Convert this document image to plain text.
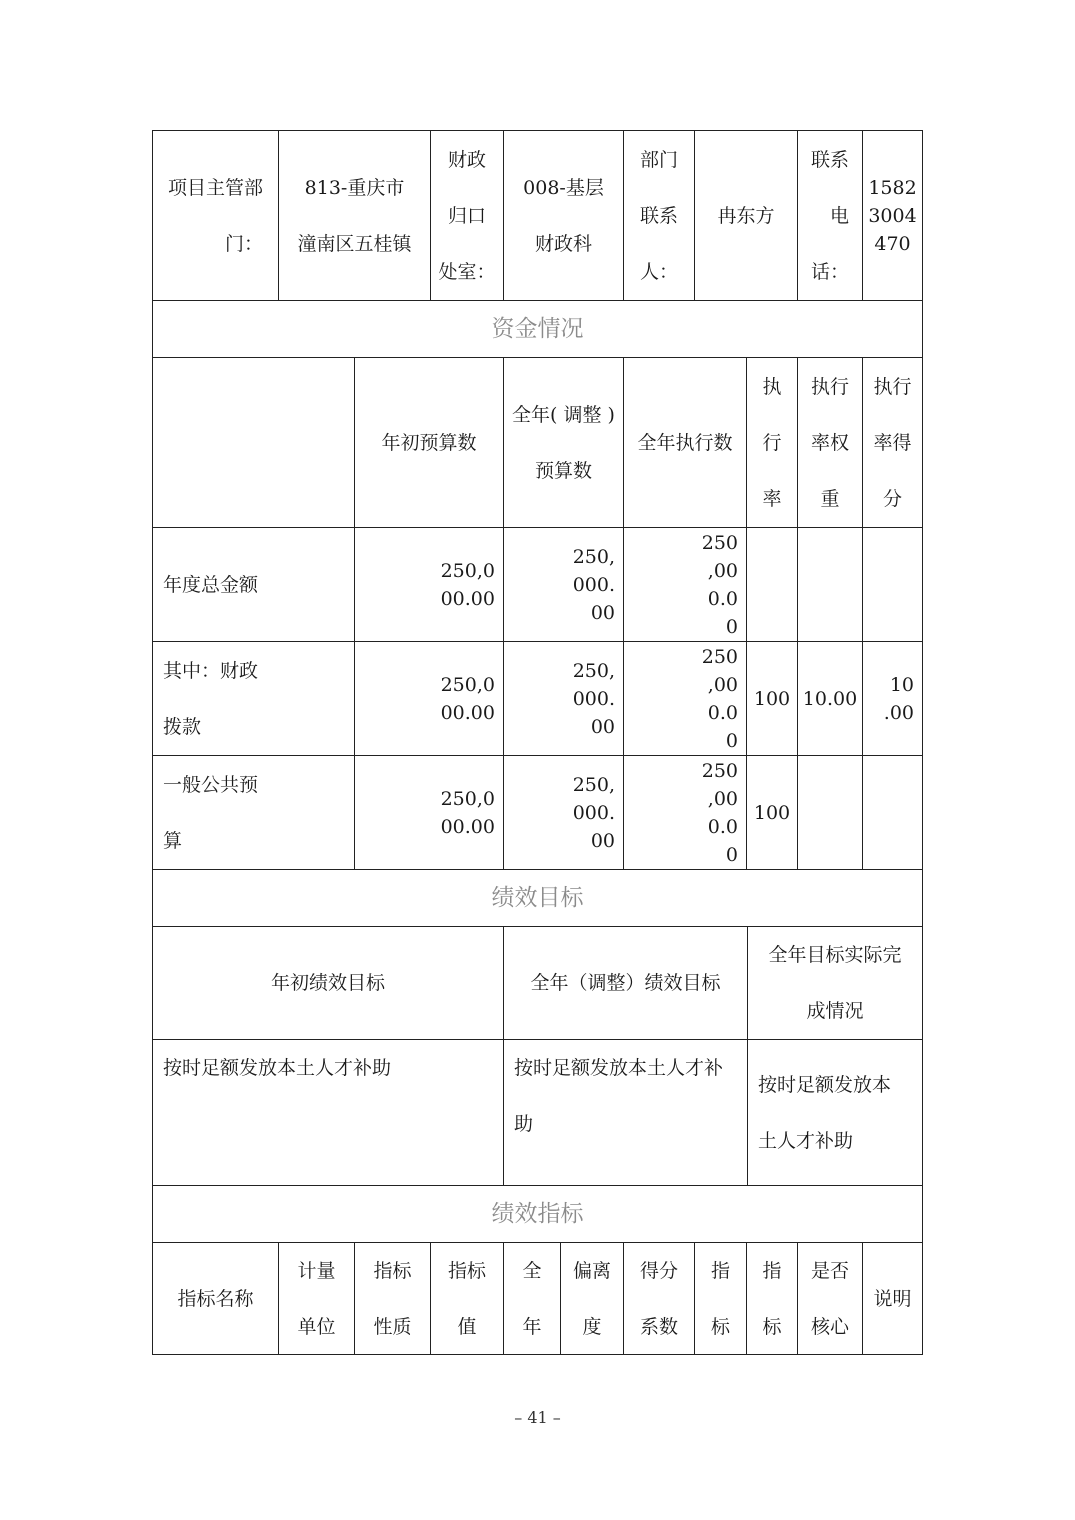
项目主管部
门：
813-重庆市
潼南区五桂镇
财政
归口
处室：
008-基层
财政科
部门
联系
人：
冉东方
联系
电
话：
1582
3004
470
资金情况
年初预算数
全年( 调整 )
预算数
全年执行数
执
行
率
执行
率权
重
执行
率得
分
年度总金额
250,0
00.00
250,
000.
00
250
,00
0.0
0
其中：财政
拨款
250,0
00.00
250,
000.
00
250
,00
0.0
0
100 10.00
10
.00
一般公共预
算
250,0
00.00
250,
000.
00
250
,00
0.0
0
100
绩效目标
年初绩效目标	全年（调整）绩效目标
全年目标实际完
成情况
按时足额发放本土人才补助	按时足额发放本土人才补
助
按时足额发放本
土人才补助
绩效指标
指标名称
计量
单位
指标
性质
指标
值
全
年
偏离
度
得分
系数
指
标
指
标
是否
核心
说明
– 41 –
